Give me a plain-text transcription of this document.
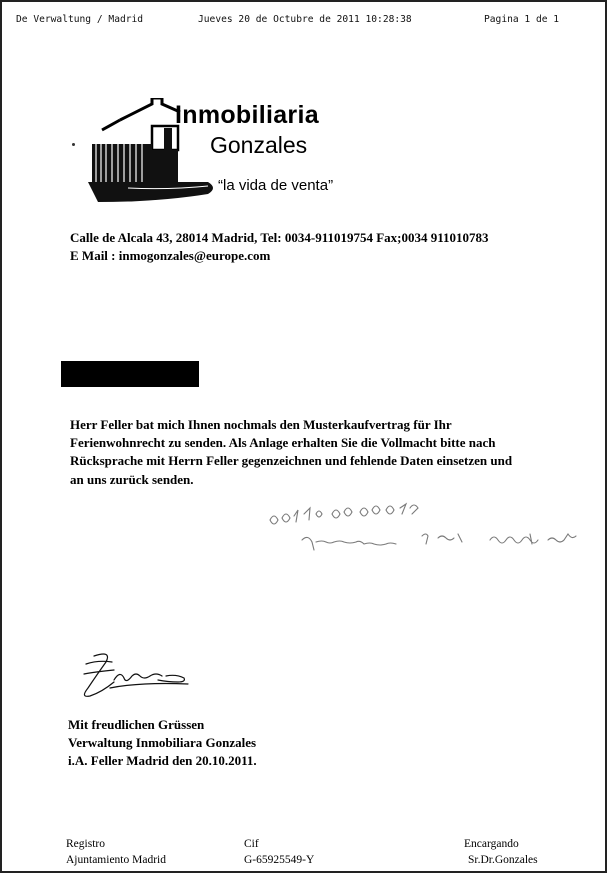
De Verwaltung / Madrid	Jueves 20 de Octubre de 2011 10:28:38	Pagina 1 de 1
Inmobiliaria
Gonzales
“la vida de venta”
Calle de Alcala 43, 28014 Madrid, Tel: 0034-911019754 Fax;0034 911010783
E Mail : inmogonzales@europe.com
Herr Feller bat mich Ihnen nochmals den Musterkaufvertrag für Ihr
Ferienwohnrecht zu senden. Als Anlage erhalten Sie die Vollmacht bitte nach
Rücksprache mit Herrn Feller gegenzeichnen und fehlende Daten einsetzen und
an uns zurück senden.
Mit freudlichen Grüssen
Verwaltung Inmobiliara Gonzales
i.A. Feller Madrid den 20.10.2011.
Registro
Ajuntamiento Madrid
Cif
G-65925549-Y
Encargando
Sr.Dr.Gonzales
